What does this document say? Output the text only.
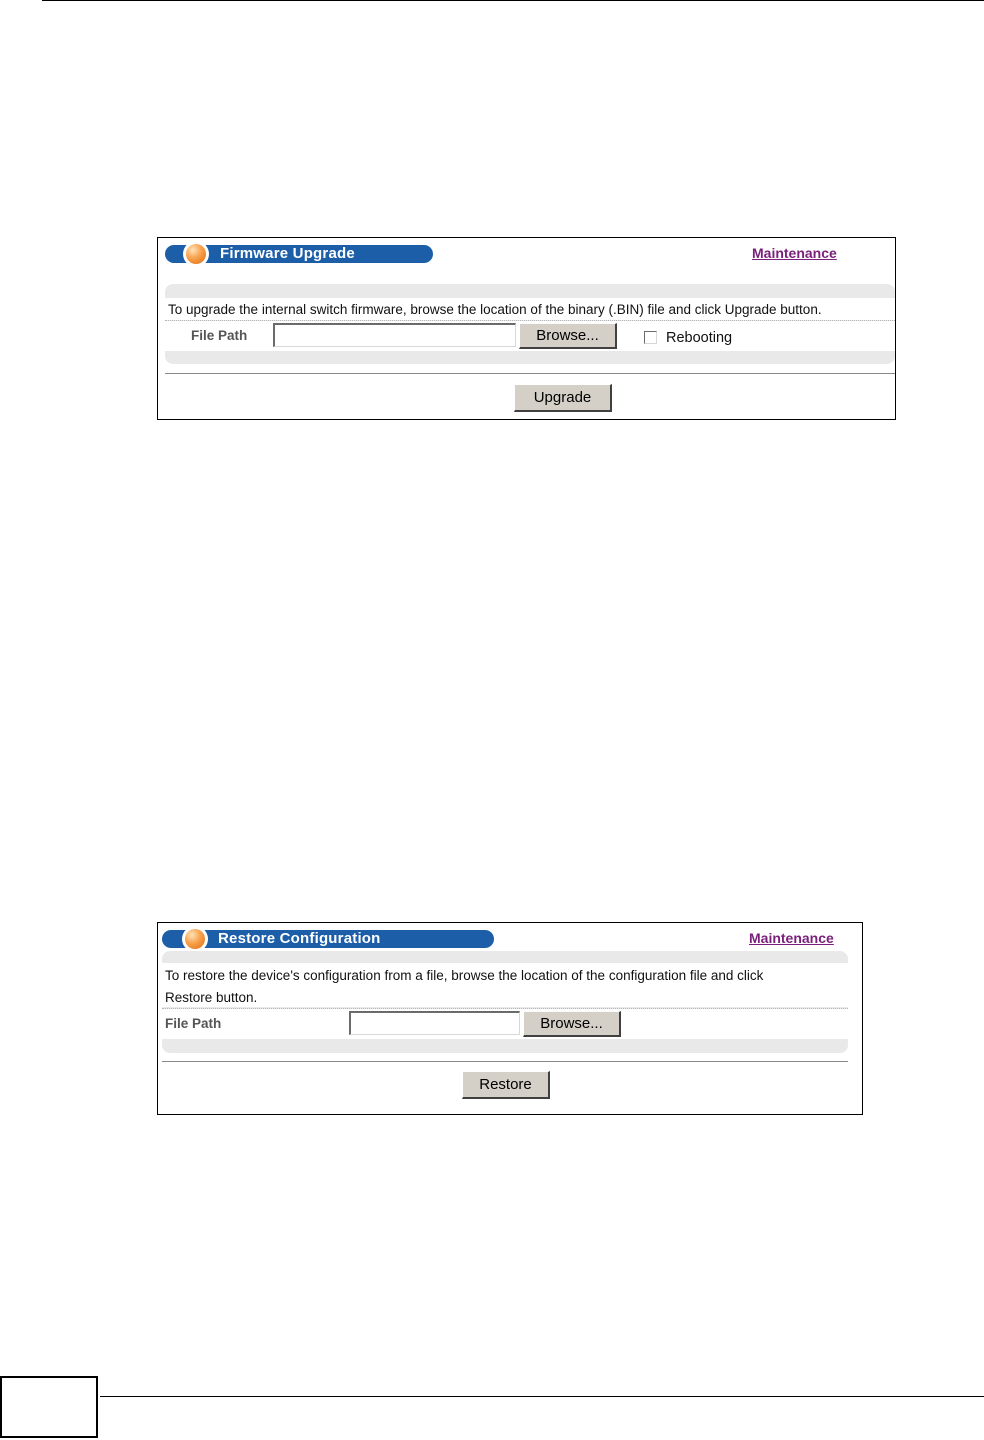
Firmware Upgrade	Maintenance
To upgrade the internal switch firmware, browse the location of the binary (.BIN) file and click Upgrade button.
File Path	Browse...	Rebooting
Upgrade
Restore Configuration	Maintenance
To restore the device's configuration from a file, browse the location of the configuration file and click
Restore button.
File Path	Browse...
Restore
